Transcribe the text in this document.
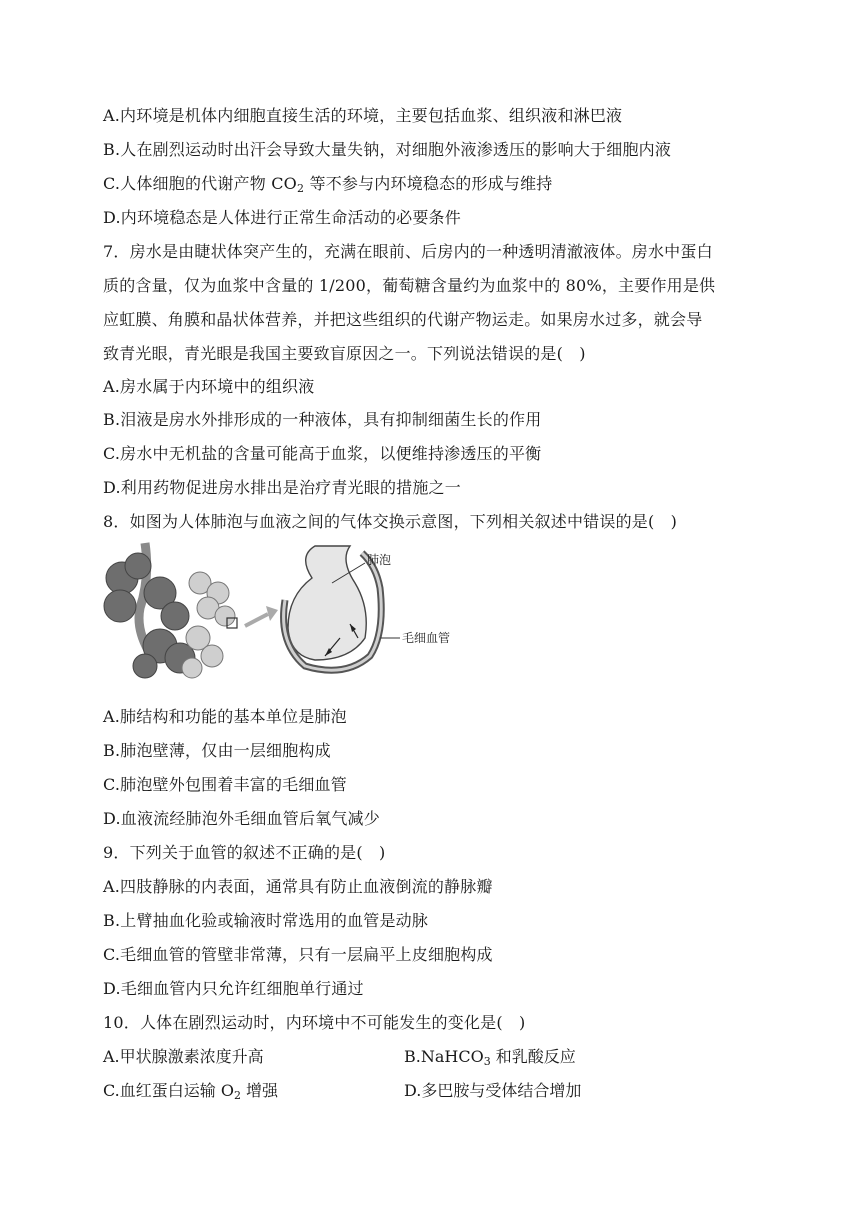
A.内环境是机体内细胞直接生活的环境，主要包括血浆、组织液和淋巴液
B.人在剧烈运动时出汗会导致大量失钠，对细胞外液渗透压的影响大于细胞内液
C.人体细胞的代谢产物 $CO_2$ 等不参与内环境稳态的形成与维持
D.内环境稳态是人体进行正常生命活动的必要条件
7．房水是由睫状体突产生的，充满在眼前、后房内的一种透明清澈液体。房水中蛋白
质的含量，仅为血浆中含量的 1/200，葡萄糖含量约为血浆中的 80%，主要作用是供
应虹膜、角膜和晶状体营养，并把这些组织的代谢产物运走。如果房水过多，就会导
致青光眼，青光眼是我国主要致盲原因之一。下列说法错误的是(　)
A.房水属于内环境中的组织液
B.泪液是房水外排形成的一种液体，具有抑制细菌生长的作用
C.房水中无机盐的含量可能高于血浆，以便维持渗透压的平衡
D.利用药物促进房水排出是治疗青光眼的措施之一
8．如图为人体肺泡与血液之间的气体交换示意图，下列相关叙述中错误的是(　)
肺泡
毛细血管
A.肺结构和功能的基本单位是肺泡
B.肺泡壁薄，仅由一层细胞构成
C.肺泡壁外包围着丰富的毛细血管
D.血液流经肺泡外毛细血管后氧气减少
9．下列关于血管的叙述不正确的是(　)
A.四肢静脉的内表面，通常具有防止血液倒流的静脉瓣
B.上臂抽血化验或输液时常选用的血管是动脉
C.毛细血管的管壁非常薄，只有一层扁平上皮细胞构成
D.毛细血管内只允许红细胞单行通过
10．人体在剧烈运动时，内环境中不可能发生的变化是(　)
A.甲状腺激素浓度升高	B.NaHCO$_3$ 和乳酸反应
C.血红蛋白运输 $O_2$ 增强	D.多巴胺与受体结合增加
